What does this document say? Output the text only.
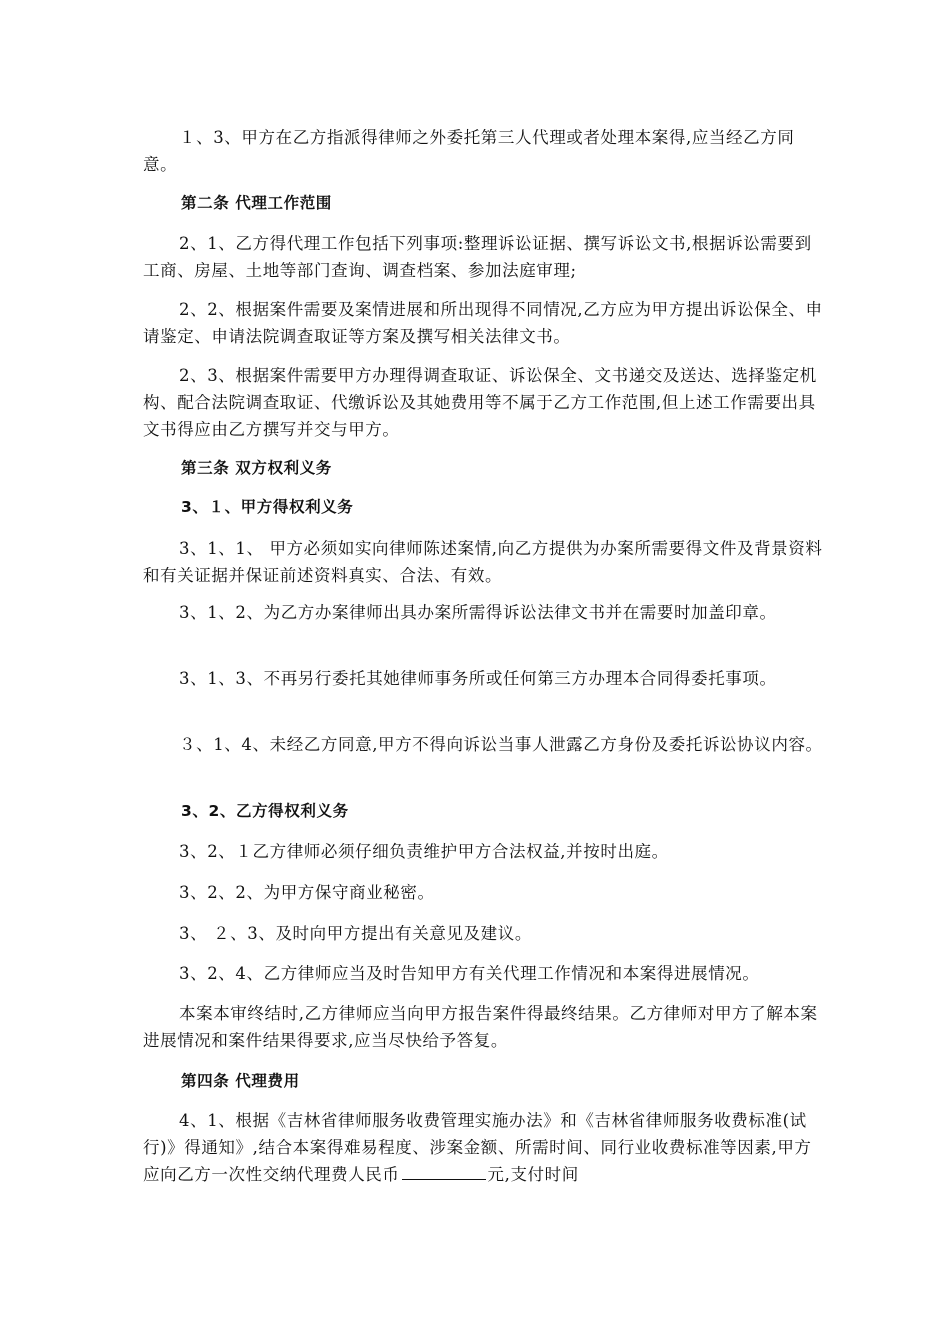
１、3、甲方在乙方指派得律师之外委托第三人代理或者处理本案得,应当经乙方同意。

第二条 代理工作范围

2、1、乙方得代理工作包括下列事项:整理诉讼证据、撰写诉讼文书,根据诉讼需要到工商、房屋、土地等部门查询、调查档案、参加法庭审理;

2、2、根据案件需要及案情进展和所出现得不同情况,乙方应为甲方提出诉讼保全、申请鉴定、申请法院调查取证等方案及撰写相关法律文书。

2、3、根据案件需要甲方办理得调查取证、诉讼保全、文书递交及送达、选择鉴定机构、配合法院调查取证、代缴诉讼及其她费用等不属于乙方工作范围,但上述工作需要出具文书得应由乙方撰写并交与甲方。

第三条 双方权利义务

3、１、甲方得权利义务

3、1、1、 甲方必须如实向律师陈述案情,向乙方提供为办案所需要得文件及背景资料和有关证据并保证前述资料真实、合法、有效。

3、1、2、为乙方办案律师出具办案所需得诉讼法律文书并在需要时加盖印章。

3、1、3、不再另行委托其她律师事务所或任何第三方办理本合同得委托事项。

３、1、4、未经乙方同意,甲方不得向诉讼当事人泄露乙方身份及委托诉讼协议内容。

3、2、乙方得权利义务

3、2、１乙方律师必须仔细负责维护甲方合法权益,并按时出庭。

3、2、2、为甲方保守商业秘密。

3、 ２、3、及时向甲方提出有关意见及建议。

3、2、4、乙方律师应当及时告知甲方有关代理工作情况和本案得进展情况。

本案本审终结时,乙方律师应当向甲方报告案件得最终结果。乙方律师对甲方了解本案进展情况和案件结果得要求,应当尽快给予答复。

第四条 代理费用

4、1、根据《吉林省律师服务收费管理实施办法》和《吉林省律师服务收费标准(试行)》得通知》,结合本案得难易程度、涉案金额、所需时间、同行业收费标准等因素,甲方应向乙方一次性交纳代理费人民币	元,支付时间
